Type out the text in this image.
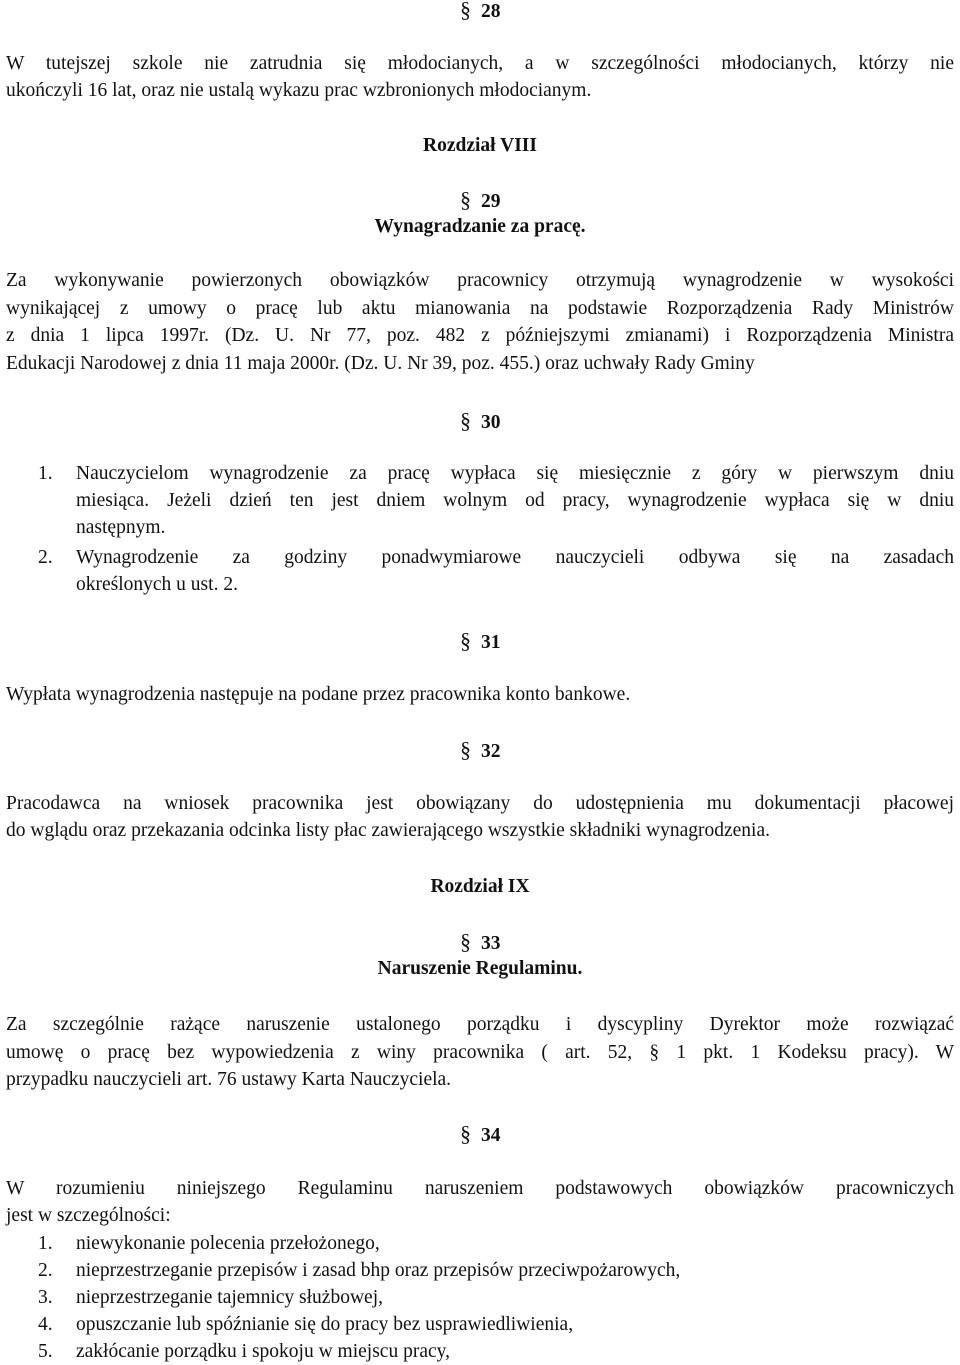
§ 28
W tutejszej szkole nie zatrudnia się młodocianych, a w szczególności młodocianych, którzy nie
ukończyli 16 lat, oraz nie ustalą wykazu prac wzbronionych młodocianym.
Rozdział VIII
§ 29
Wynagradzanie za pracę.
Za wykonywanie powierzonych obowiązków pracownicy otrzymują wynagrodzenie w wysokości
wynikającej z umowy o pracę lub aktu mianowania na podstawie Rozporządzenia Rady Ministrów
z dnia 1 lipca 1997r. (Dz. U. Nr 77, poz. 482 z późniejszymi zmianami) i Rozporządzenia Ministra
Edukacji Narodowej z dnia 11 maja 2000r. (Dz. U. Nr 39, poz. 455.) oraz uchwały Rady Gminy
§ 30
1. Nauczycielom wynagrodzenie za pracę wypłaca się miesięcznie z góry w pierwszym dniu
miesiąca. Jeżeli dzień ten jest dniem wolnym od pracy, wynagrodzenie wypłaca się w dniu
następnym.
2. Wynagrodzenie za godziny ponadwymiarowe nauczycieli odbywa się na zasadach
określonych u ust. 2.
§ 31
Wypłata wynagrodzenia następuje na podane przez pracownika konto bankowe.
§ 32
Pracodawca na wniosek pracownika jest obowiązany do udostępnienia mu dokumentacji płacowej
do wglądu oraz przekazania odcinka listy płac zawierającego wszystkie składniki wynagrodzenia.
Rozdział IX
§ 33
Naruszenie Regulaminu.
Za szczególnie rażące naruszenie ustalonego porządku i dyscypliny Dyrektor może rozwiązać
umowę o pracę bez wypowiedzenia z winy pracownika ( art. 52, § 1 pkt. 1 Kodeksu pracy). W
przypadku nauczycieli art. 76 ustawy Karta Nauczyciela.
§ 34
W rozumieniu niniejszego Regulaminu naruszeniem podstawowych obowiązków pracowniczych
jest w szczególności:
1. niewykonanie polecenia przełożonego,
2. nieprzestrzeganie przepisów i zasad bhp oraz przepisów przeciwpożarowych,
3. nieprzestrzeganie tajemnicy służbowej,
4. opuszczanie lub spóźnianie się do pracy bez usprawiedliwienia,
5. zakłócanie porządku i spokoju w miejscu pracy,
